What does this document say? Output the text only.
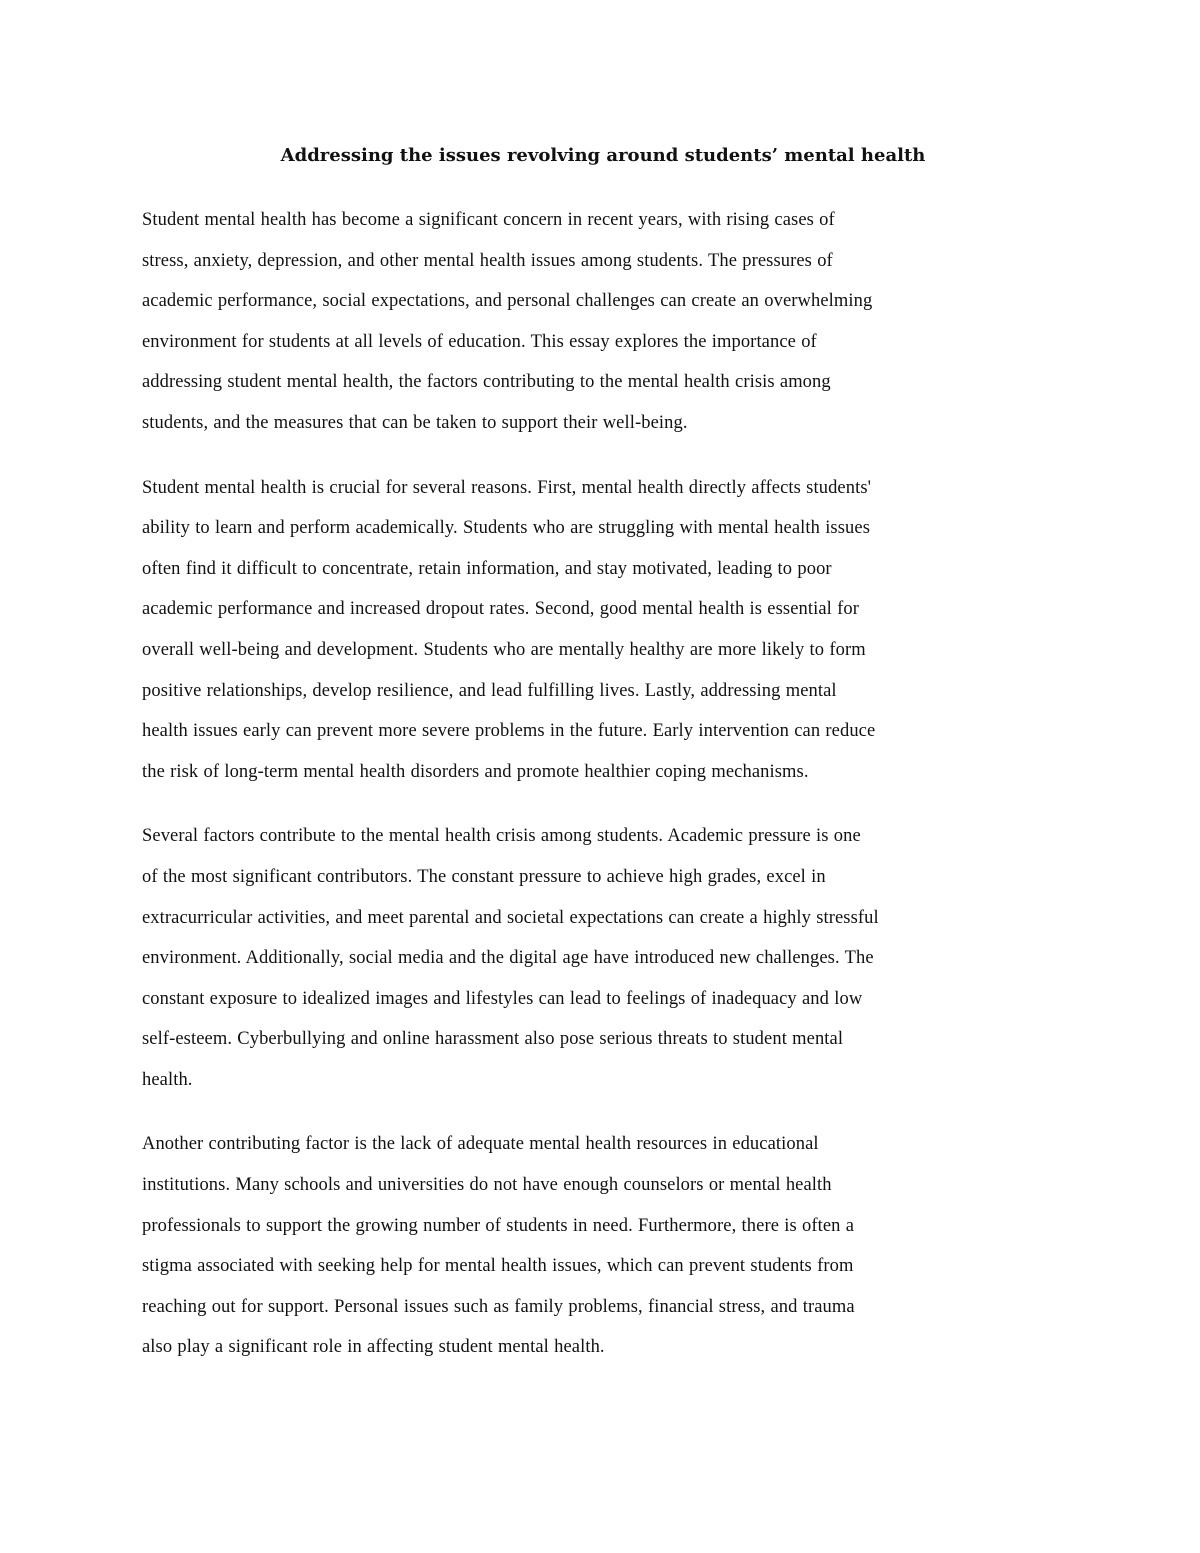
Addressing the issues revolving around students’ mental health

Student mental health has become a significant concern in recent years, with rising cases of
stress, anxiety, depression, and other mental health issues among students. The pressures of
academic performance, social expectations, and personal challenges can create an overwhelming
environment for students at all levels of education. This essay explores the importance of
addressing student mental health, the factors contributing to the mental health crisis among
students, and the measures that can be taken to support their well-being.

Student mental health is crucial for several reasons. First, mental health directly affects students'
ability to learn and perform academically. Students who are struggling with mental health issues
often find it difficult to concentrate, retain information, and stay motivated, leading to poor
academic performance and increased dropout rates. Second, good mental health is essential for
overall well-being and development. Students who are mentally healthy are more likely to form
positive relationships, develop resilience, and lead fulfilling lives. Lastly, addressing mental
health issues early can prevent more severe problems in the future. Early intervention can reduce
the risk of long-term mental health disorders and promote healthier coping mechanisms.

Several factors contribute to the mental health crisis among students. Academic pressure is one
of the most significant contributors. The constant pressure to achieve high grades, excel in
extracurricular activities, and meet parental and societal expectations can create a highly stressful
environment. Additionally, social media and the digital age have introduced new challenges. The
constant exposure to idealized images and lifestyles can lead to feelings of inadequacy and low
self-esteem. Cyberbullying and online harassment also pose serious threats to student mental
health.

Another contributing factor is the lack of adequate mental health resources in educational
institutions. Many schools and universities do not have enough counselors or mental health
professionals to support the growing number of students in need. Furthermore, there is often a
stigma associated with seeking help for mental health issues, which can prevent students from
reaching out for support. Personal issues such as family problems, financial stress, and trauma
also play a significant role in affecting student mental health.
